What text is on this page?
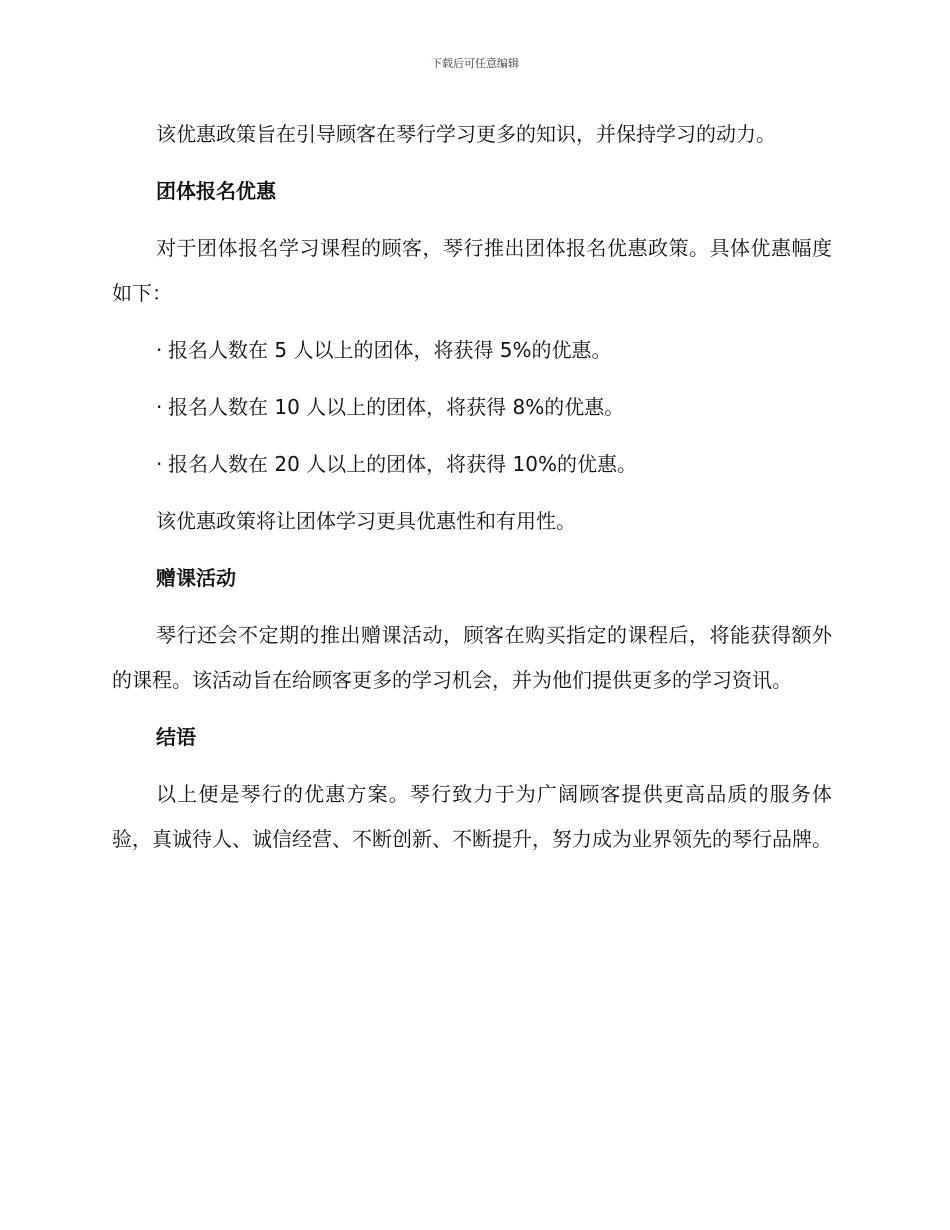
下载后可任意编辑

该优惠政策旨在引导顾客在琴行学习更多的知识，并保持学习的动力。

团体报名优惠

对于团体报名学习课程的顾客，琴行推出团体报名优惠政策。具体优惠幅度如下：

· 报名人数在 5 人以上的团体，将获得 5%的优惠。

· 报名人数在 10 人以上的团体，将获得 8%的优惠。

· 报名人数在 20 人以上的团体，将获得 10%的优惠。

该优惠政策将让团体学习更具优惠性和有用性。

赠课活动

琴行还会不定期的推出赠课活动，顾客在购买指定的课程后，将能获得额外的课程。该活动旨在给顾客更多的学习机会，并为他们提供更多的学习资讯。

结语

以上便是琴行的优惠方案。琴行致力于为广阔顾客提供更高品质的服务体验，真诚待人、诚信经营、不断创新、不断提升，努力成为业界领先的琴行品牌。
